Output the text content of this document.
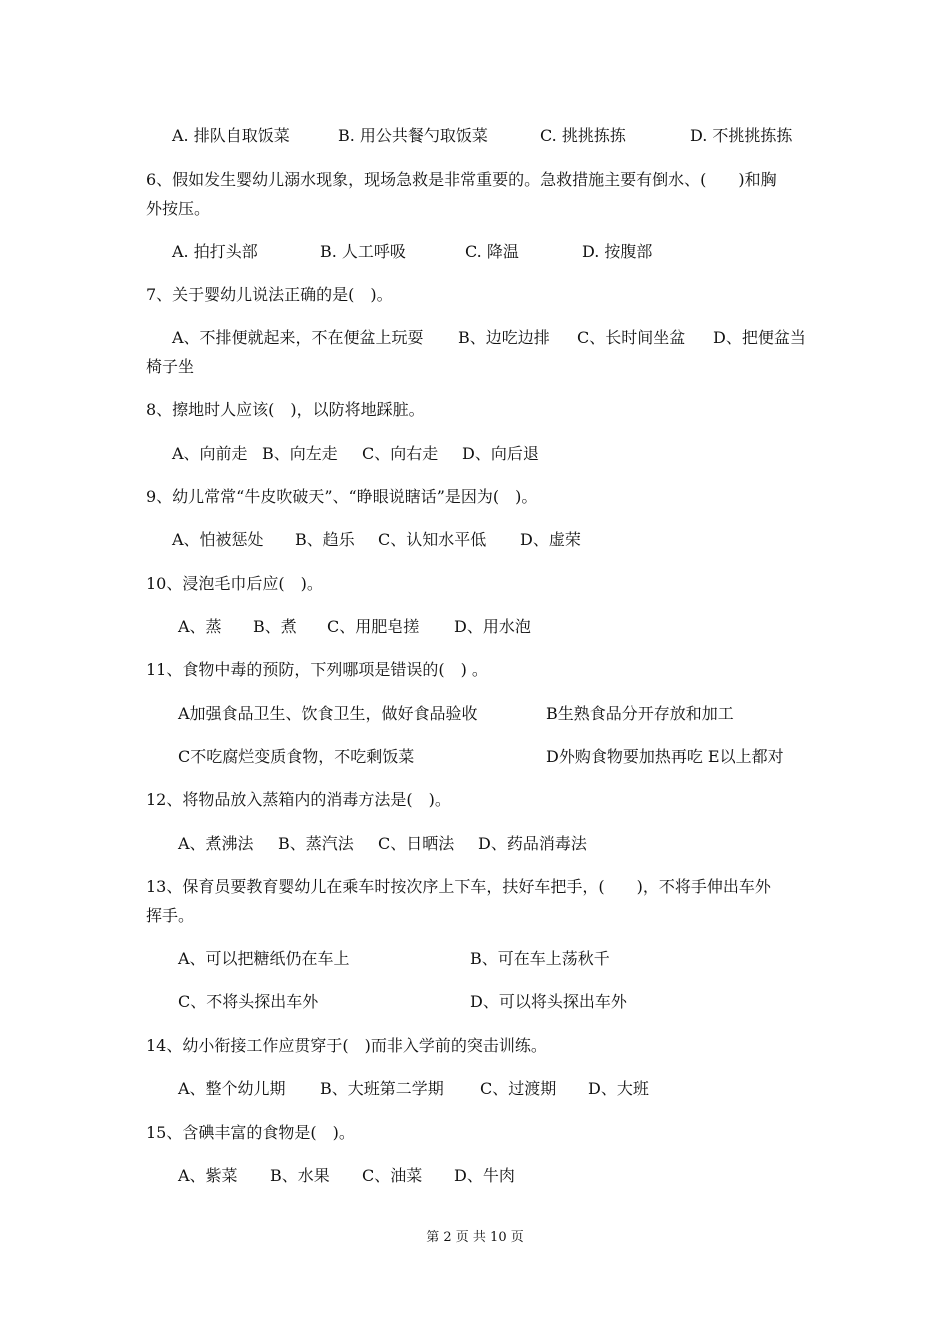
A. 排队自取饭菜	B. 用公共餐勺取饭菜	C. 挑挑拣拣	D. 不挑挑拣拣
6、假如发生婴幼儿溺水现象，现场急救是非常重要的。急救措施主要有倒水、(　　)和胸
外按压。
A. 拍打头部	B. 人工呼吸	C. 降温	D. 按腹部
7、关于婴幼儿说法正确的是(　)。
A、不排便就起来，不在便盆上玩耍 B、边吃边排 C、长时间坐盆 D、把便盆当
椅子坐
8、擦地时人应该(　)，以防将地踩脏。
A、向前走 B、向左走 C、向右走 D、向后退
9、幼儿常常“牛皮吹破天”、“睁眼说瞎话”是因为(　)。
A、怕被惩处 B、趋乐 C、认知水平低 D、虚荣
10、浸泡毛巾后应(　)。
A、蒸 B、煮 C、用肥皂搓 D、用水泡
11、食物中毒的预防，下列哪项是错误的(　) 。
A加强食品卫生、饮食卫生，做好食品验收	B生熟食品分开存放和加工
C不吃腐烂变质食物，不吃剩饭菜	D外购食物要加热再吃 E以上都对
12、将物品放入蒸箱内的消毒方法是(　)。
A、煮沸法 B、蒸汽法 C、日晒法 D、药品消毒法
13、保育员要教育婴幼儿在乘车时按次序上下车，扶好车把手，(　　)，不将手伸出车外
挥手。
A、可以把糖纸仍在车上	B、可在车上荡秋千
C、不将头探出车外	D、可以将头探出车外
14、幼小衔接工作应贯穿于(　)而非入学前的突击训练。
A、整个幼儿期 B、大班第二学期 C、过渡期 D、大班
15、含碘丰富的食物是(　)。
A、紫菜 B、水果 C、油菜 D、牛肉
第 2 页 共 10 页
